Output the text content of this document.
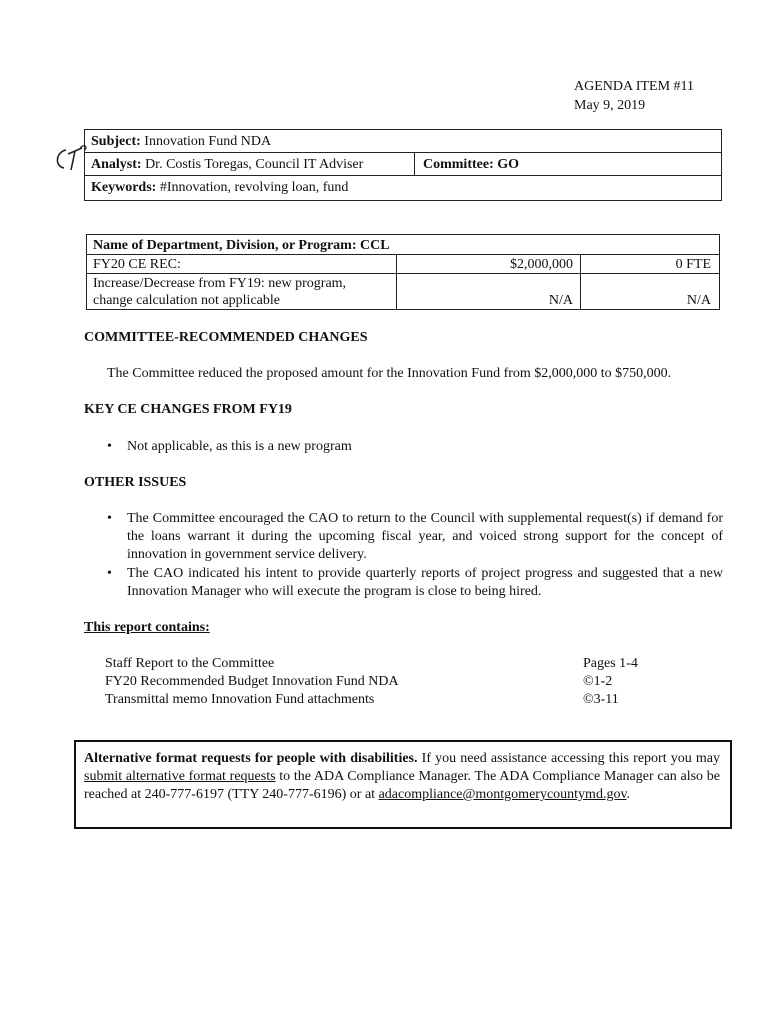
AGENDA ITEM #11
May 9, 2019
Subject: Innovation Fund NDA
Analyst: Dr. Costis Toregas, Council IT Adviser	Committee: GO
Keywords: #Innovation, revolving loan, fund
Name of Department, Division, or Program: CCL
FY20 CE REC:	$2,000,000	0 FTE
Increase/Decrease from FY19: new program,
change calculation not applicable	N/A	N/A
COMMITTEE-RECOMMENDED CHANGES
The Committee reduced the proposed amount for the Innovation Fund from $2,000,000 to $750,000.
KEY CE CHANGES FROM FY19
• Not applicable, as this is a new program
OTHER ISSUES
• The Committee encouraged the CAO to return to the Council with supplemental request(s) if demand for the loans warrant it during the upcoming fiscal year, and voiced strong support for the concept of innovation in government service delivery.
• The CAO indicated his intent to provide quarterly reports of project progress and suggested that a new Innovation Manager who will execute the program is close to being hired.
This report contains:
Staff Report to the Committee	Pages 1-4
FY20 Recommended Budget Innovation Fund NDA	©1-2
Transmittal memo Innovation Fund attachments	©3-11
Alternative format requests for people with disabilities. If you need assistance accessing this report you may submit alternative format requests to the ADA Compliance Manager. The ADA Compliance Manager can also be reached at 240-777-6197 (TTY 240-777-6196) or at adacompliance@montgomerycountymd.gov.
